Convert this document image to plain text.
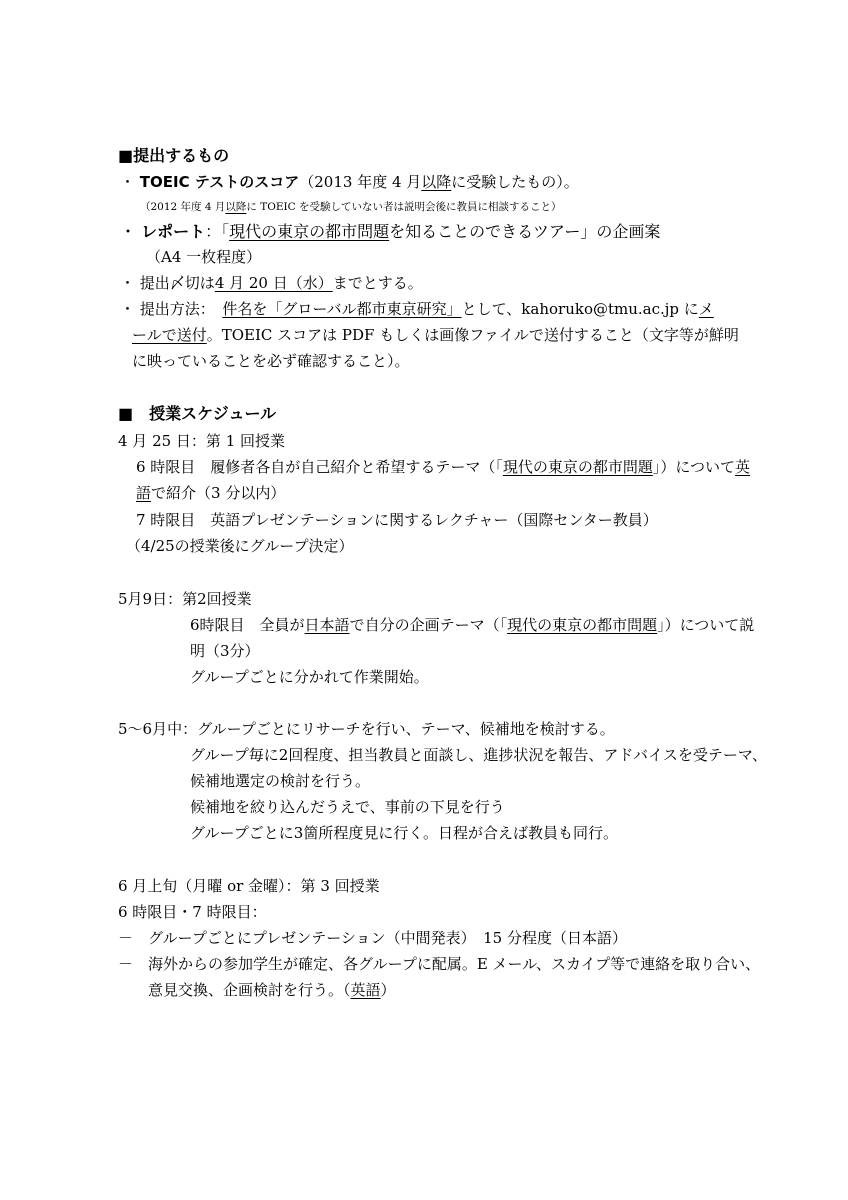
■提出するもの
・ TOEIC テストのスコア（2013 年度 4 月以降に受験したもの）。
（2012 年度 4 月以降に TOEIC を受験していない者は説明会後に教員に相談すること）
・ レポート：「現代の東京の都市問題を知ることのできるツアー」の企画案
（A4 一枚程度）
・ 提出〆切は4 月 20 日（水）までとする。
・ 提出方法：　 件名を「グローバル都市東京研究」として、kahoruko@tmu.ac.jp にメ
ールで送付。TOEIC スコアは PDF もしくは画像ファイルで送付すること（文字等が鮮明
に映っていることを必ず確認すること）。
■　授業スケジュール
4 月 25 日：第 1 回授業
6 時限目　履修者各自が自己紹介と希望するテーマ（「現代の東京の都市問題」）について英
語で紹介（3 分以内）
7 時限目　英語プレゼンテーションに関するレクチャー（国際センター教員）
（4/25の授業後にグループ決定）
5月9日：第2回授業
6時限目　全員が日本語で自分の企画テーマ（「現代の東京の都市問題」）について説
明（3分）
グループごとに分かれて作業開始。
5～6月中：グループごとにリサーチを行い、テーマ、候補地を検討する。
グループ毎に2回程度、担当教員と面談し、進捗状況を報告、アドバイスを受テーマ、
候補地選定の検討を行う。
候補地を絞り込んだうえで、事前の下見を行う
グループごとに3箇所程度見に行く。日程が合えば教員も同行。
6 月上旬（月曜 or 金曜）：第 3 回授業
6 時限目・7 時限目：
－　 グループごとにプレゼンテーション（中間発表）　15 分程度（日本語）
－　 海外からの参加学生が確定、各グループに配属。E メール、スカイプ等で連絡を取り合い、
意見交換、企画検討を行う。（英語）
